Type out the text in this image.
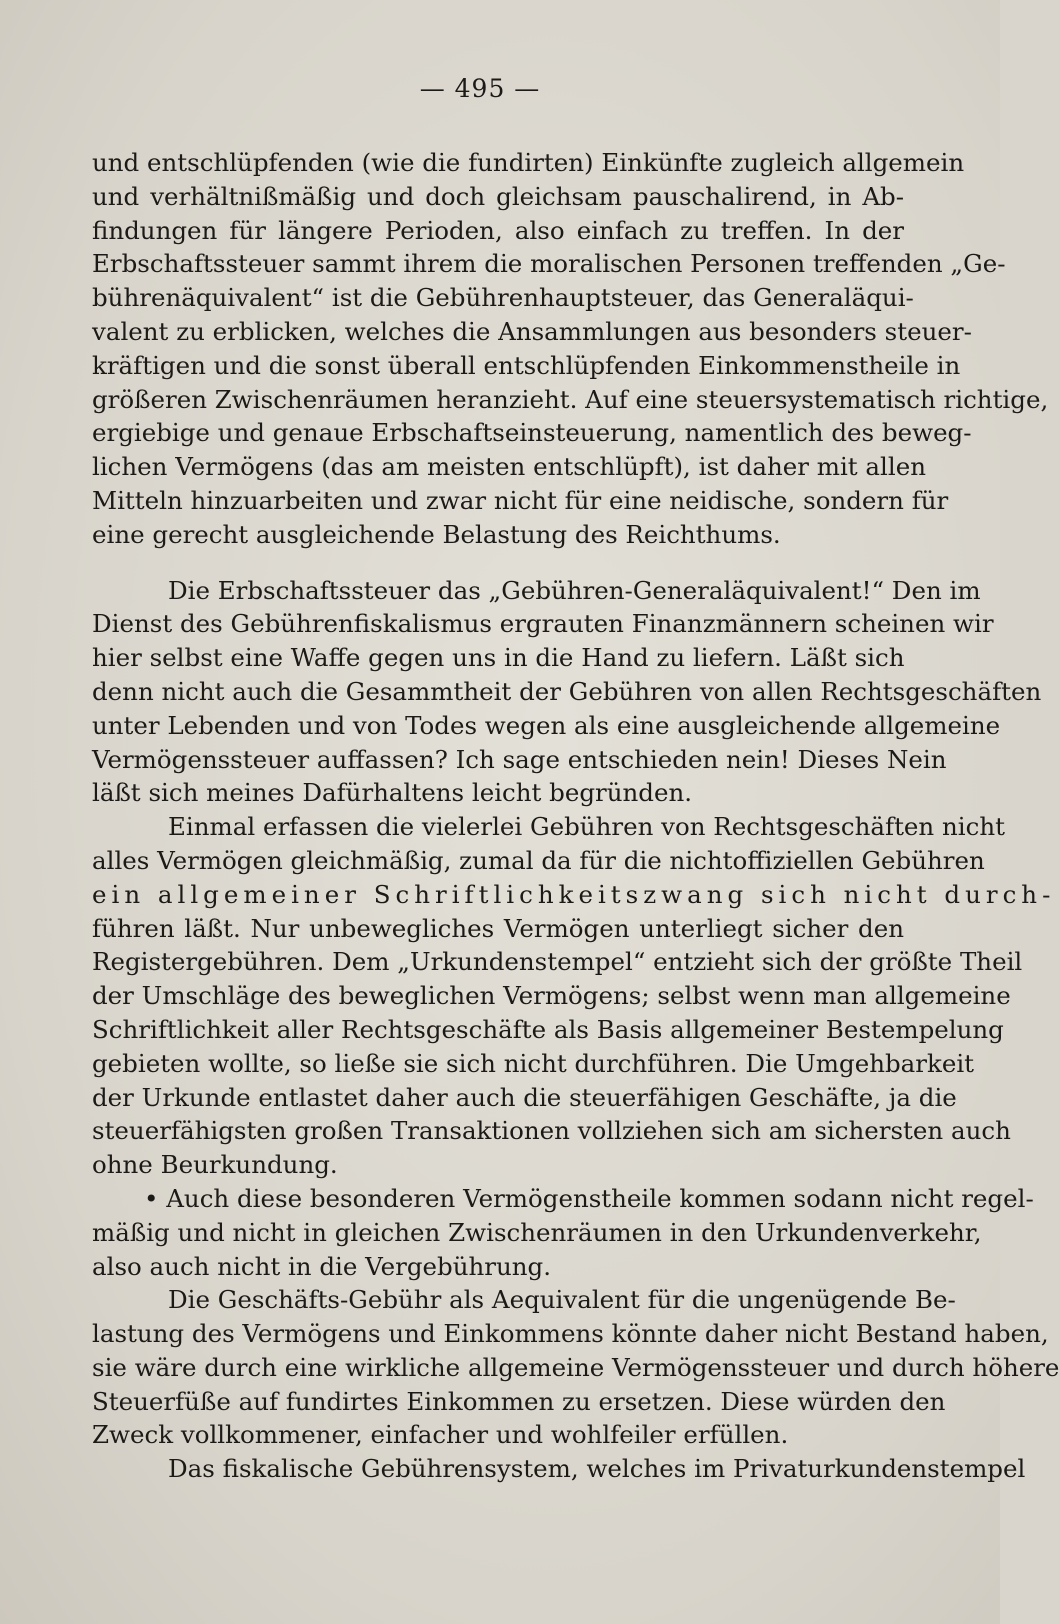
— 495 —
und entschlüpfenden (wie die fundirten) Einkünfte zugleich allgemein
und verhältnißmäßig und doch gleichsam pauschalirend, in Ab-
findungen für längere Perioden, also einfach zu treffen. In der
Erbschaftssteuer sammt ihrem die moralischen Personen treffenden „Ge-
bührenäquivalent“ ist die Gebührenhauptsteuer, das Generaläqui-
valent zu erblicken, welches die Ansammlungen aus besonders steuer-
kräftigen und die sonst überall entschlüpfenden Einkommenstheile in
größeren Zwischenräumen heranzieht. Auf eine steuersystematisch richtige,
ergiebige und genaue Erbschaftseinsteuerung, namentlich des beweg-
lichen Vermögens (das am meisten entschlüpft), ist daher mit allen
Mitteln hinzuarbeiten und zwar nicht für eine neidische, sondern für
eine gerecht ausgleichende Belastung des Reichthums.
Die Erbschaftssteuer das „Gebühren-Generaläquivalent!“ Den im
Dienst des Gebührenfiskalismus ergrauten Finanzmännern scheinen wir
hier selbst eine Waffe gegen uns in die Hand zu liefern. Läßt sich
denn nicht auch die Gesammtheit der Gebühren von allen Rechtsgeschäften
unter Lebenden und von Todes wegen als eine ausgleichende allgemeine
Vermögenssteuer auffassen? Ich sage entschieden nein! Dieses Nein
läßt sich meines Dafürhaltens leicht begründen.
Einmal erfassen die vielerlei Gebühren von Rechtsgeschäften nicht
alles Vermögen gleichmäßig, zumal da für die nichtoffiziellen Gebühren
ein allgemeiner Schriftlichkeitszwang sich nicht durch-
führen läßt. Nur unbewegliches Vermögen unterliegt sicher den
Registergebühren. Dem „Urkundenstempel“ entzieht sich der größte Theil
der Umschläge des beweglichen Vermögens; selbst wenn man allgemeine
Schriftlichkeit aller Rechtsgeschäfte als Basis allgemeiner Bestempelung
gebieten wollte, so ließe sie sich nicht durchführen. Die Umgehbarkeit
der Urkunde entlastet daher auch die steuerfähigen Geschäfte, ja die
steuerfähigsten großen Transaktionen vollziehen sich am sichersten auch
ohne Beurkundung.
• Auch diese besonderen Vermögenstheile kommen sodann nicht regel-
mäßig und nicht in gleichen Zwischenräumen in den Urkundenverkehr,
also auch nicht in die Vergebührung.
Die Geschäfts-Gebühr als Aequivalent für die ungenügende Be-
lastung des Vermögens und Einkommens könnte daher nicht Bestand haben,
sie wäre durch eine wirkliche allgemeine Vermögenssteuer und durch höhere
Steuerfüße auf fundirtes Einkommen zu ersetzen. Diese würden den
Zweck vollkommener, einfacher und wohlfeiler erfüllen.
Das fiskalische Gebührensystem, welches im Privaturkundenstempel
